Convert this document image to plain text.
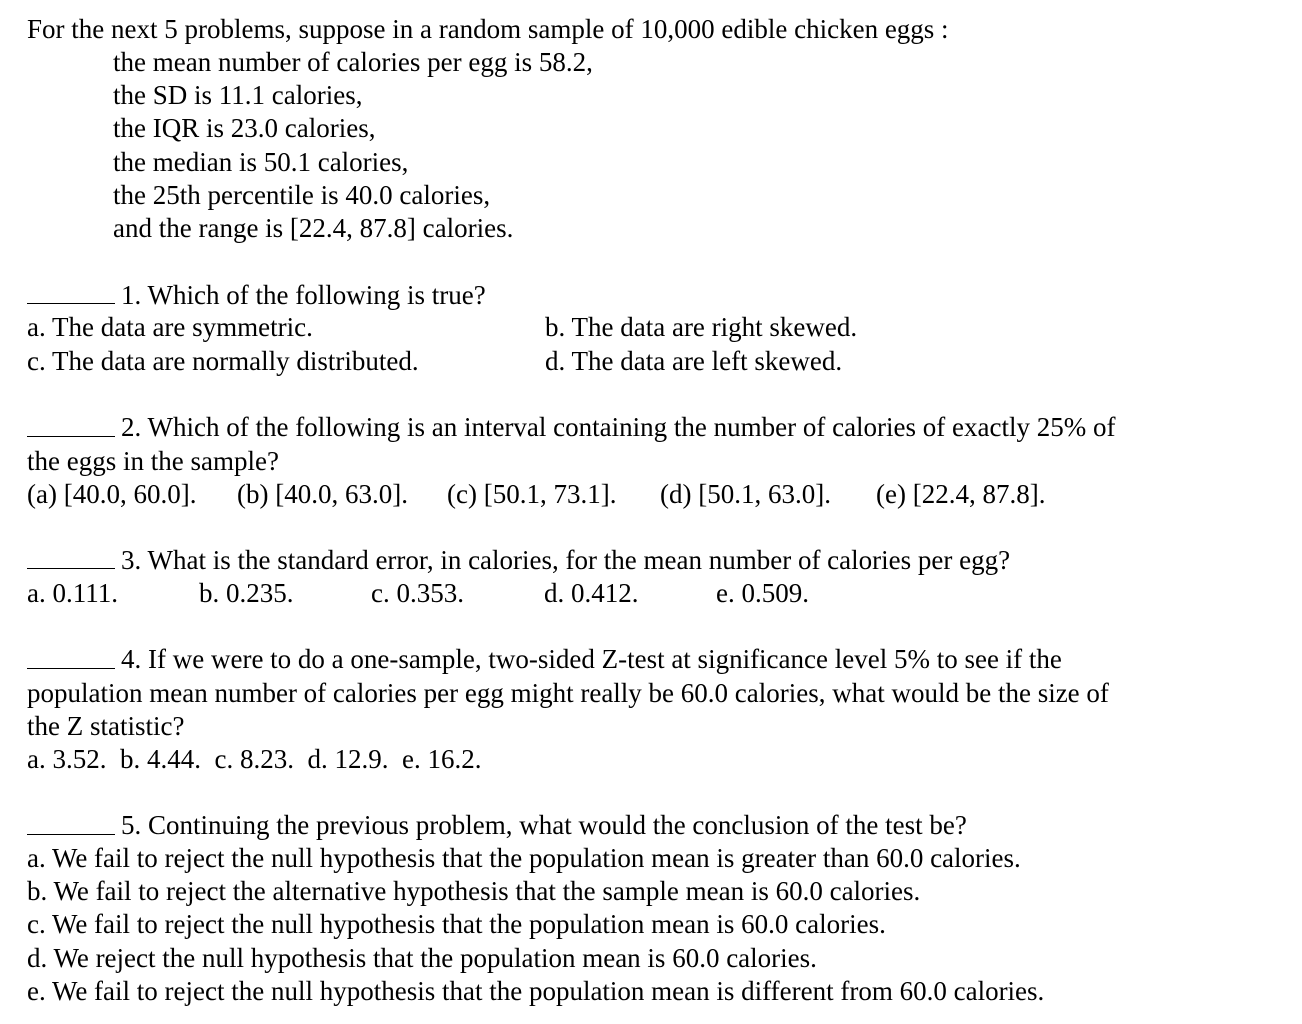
For the next 5 problems, suppose in a random sample of 10,000 edible chicken eggs :
the mean number of calories per egg is 58.2,
the SD is 11.1 calories,
the IQR is 23.0 calories,
the median is 50.1 calories,
the 25th percentile is 40.0 calories,
and the range is [22.4, 87.8] calories.
1. Which of the following is true?
a. The data are symmetric.	b. The data are right skewed.
c. The data are normally distributed.	d. The data are left skewed.
2. Which of the following is an interval containing the number of calories of exactly 25% of
the eggs in the sample?
(a) [40.0, 60.0]. (b) [40.0, 63.0]. (c) [50.1, 73.1]. (d) [50.1, 63.0]. (e) [22.4, 87.8].
3. What is the standard error, in calories, for the mean number of calories per egg?
a. 0.111.	b. 0.235.	c. 0.353.	d. 0.412.	e. 0.509.
4. If we were to do a one-sample, two-sided Z-test at significance level 5% to see if the
population mean number of calories per egg might really be 60.0 calories, what would be the size of
the Z statistic?
a. 3.52.  b. 4.44.  c. 8.23.  d. 12.9.  e. 16.2.
5. Continuing the previous problem, what would the conclusion of the test be?
a. We fail to reject the null hypothesis that the population mean is greater than 60.0 calories.
b. We fail to reject the alternative hypothesis that the sample mean is 60.0 calories.
c. We fail to reject the null hypothesis that the population mean is 60.0 calories.
d. We reject the null hypothesis that the population mean is 60.0 calories.
e. We fail to reject the null hypothesis that the population mean is different from 60.0 calories.
